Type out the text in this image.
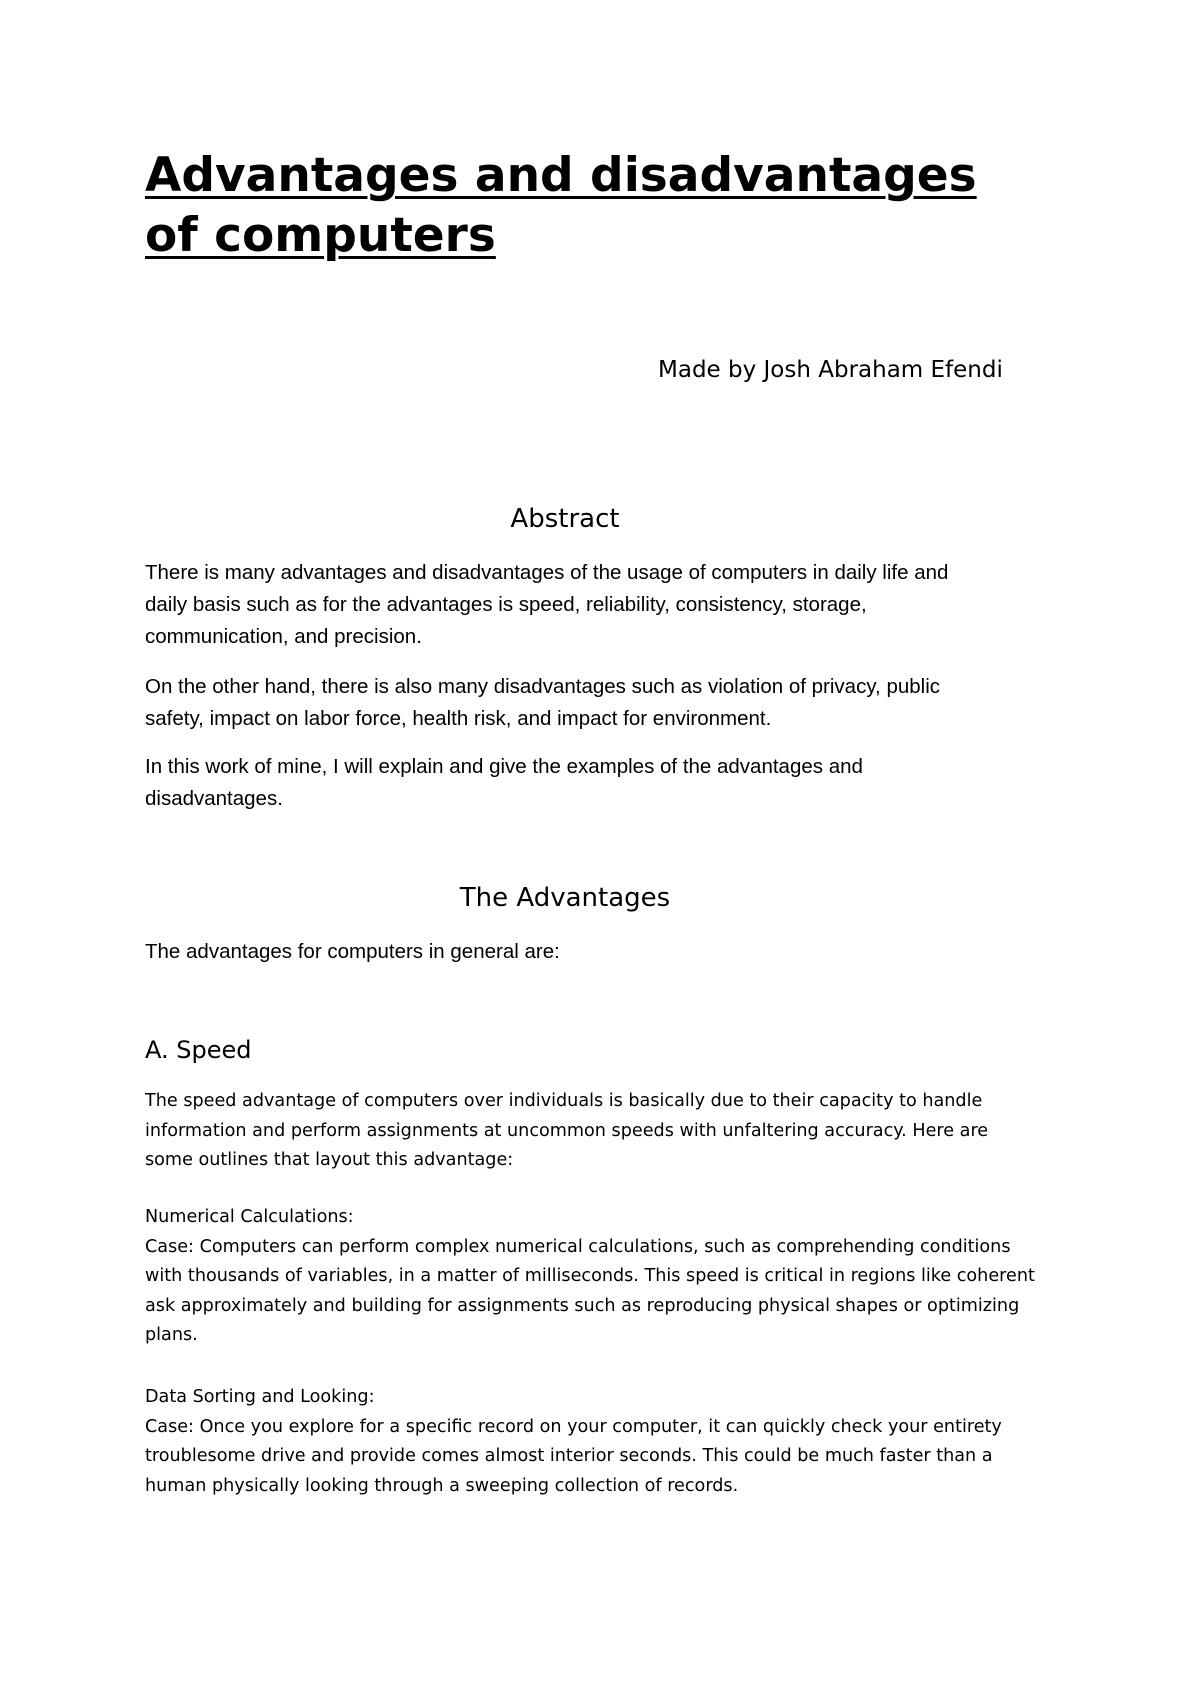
Advantages and disadvantages
of computers
Made by Josh Abraham Efendi
Abstract

There is many advantages and disadvantages of the usage of computers in daily life and
daily basis such as for the advantages is speed, reliability, consistency, storage,
communication, and precision.

On the other hand, there is also many disadvantages such as violation of privacy, public
safety, impact on labor force, health risk, and impact for environment.

In this work of mine, I will explain and give the examples of the advantages and
disadvantages.

The Advantages

The advantages for computers in general are:

A. Speed

The speed advantage of computers over individuals is basically due to their capacity to handle
information and perform assignments at uncommon speeds with unfaltering accuracy. Here are
some outlines that layout this advantage:

Numerical Calculations:
Case: Computers can perform complex numerical calculations, such as comprehending conditions
with thousands of variables, in a matter of milliseconds. This speed is critical in regions like coherent
ask approximately and building for assignments such as reproducing physical shapes or optimizing
plans.

Data Sorting and Looking:
Case: Once you explore for a specific record on your computer, it can quickly check your entirety
troublesome drive and provide comes almost interior seconds. This could be much faster than a
human physically looking through a sweeping collection of records.
